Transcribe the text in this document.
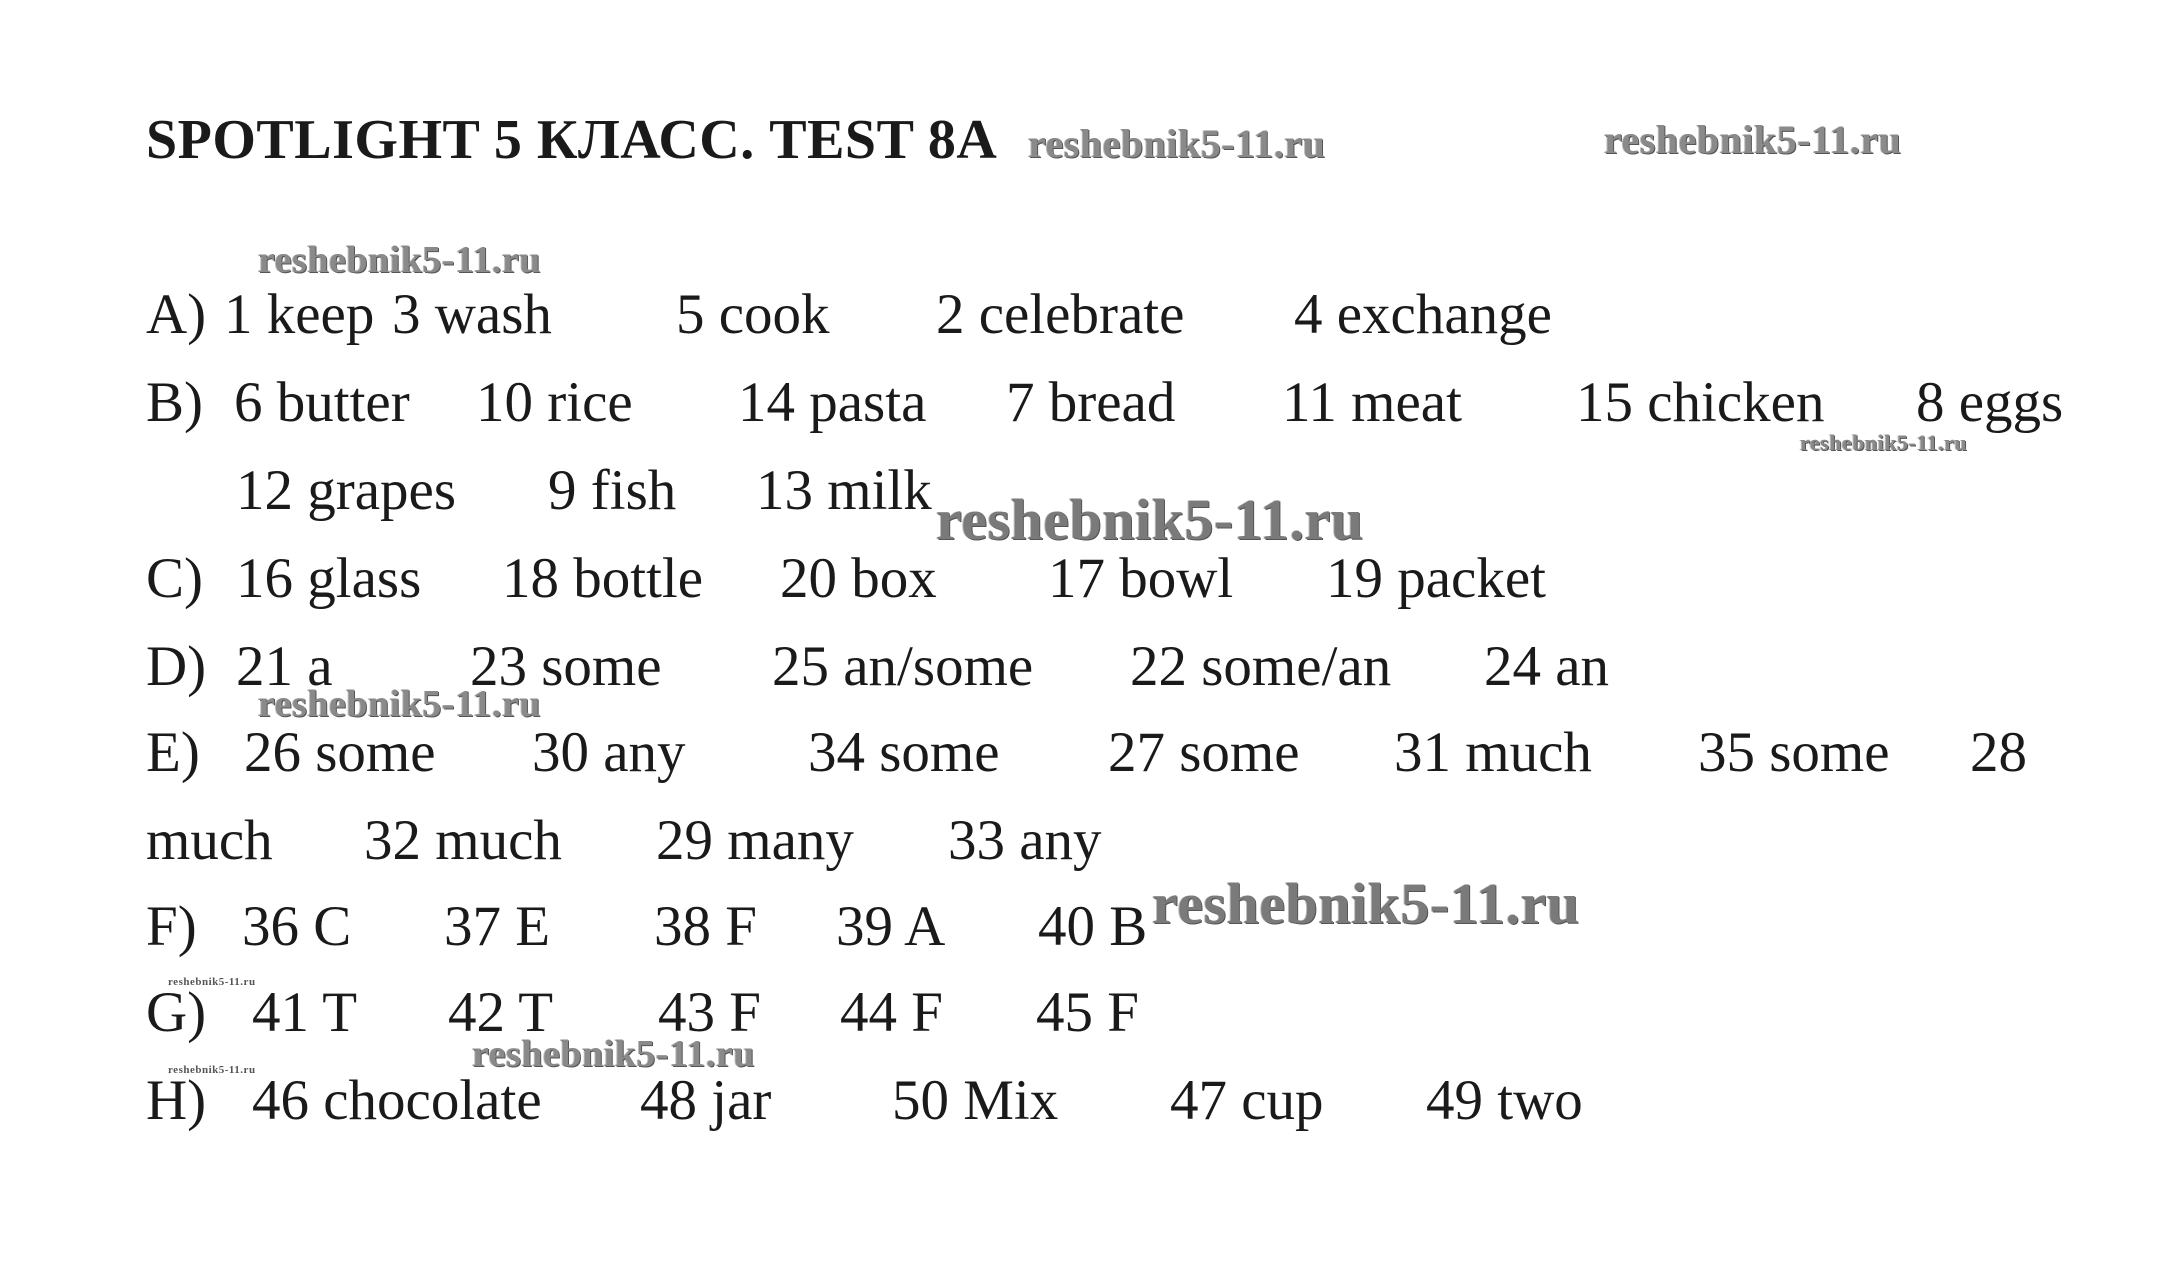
SPOTLIGHT 5 КЛАСС. TEST 8A
A) 1 keep 3 wash 5 cook 2 celebrate 4 exchange
B) 6 butter 10 rice 14 pasta 7 bread 11 meat 15 chicken 8 eggs
12 grapes 9 fish 13 milk
C) 16 glass 18 bottle 20 box 17 bowl 19 packet
D) 21 a 23 some 25 an/some 22 some/an 24 an
E) 26 some 30 any 34 some 27 some 31 much 35 some 28
much 32 much 29 many 33 any
F) 36 C 37 E 38 F 39 A 40 B
G) 41 T 42 T 43 F 44 F 45 F
H) 46 chocolate 48 jar 50 Mix 47 cup 49 two
reshebnik5-11.ru	reshebnik5-11.ru
reshebnik5-11.ru
reshebnik5-11.ru
reshebnik5-11.ru
reshebnik5-11.ru
reshebnik5-11.ru
reshebnik5-11.ru
reshebnik5-11.ru
reshebnik5-11.ru
